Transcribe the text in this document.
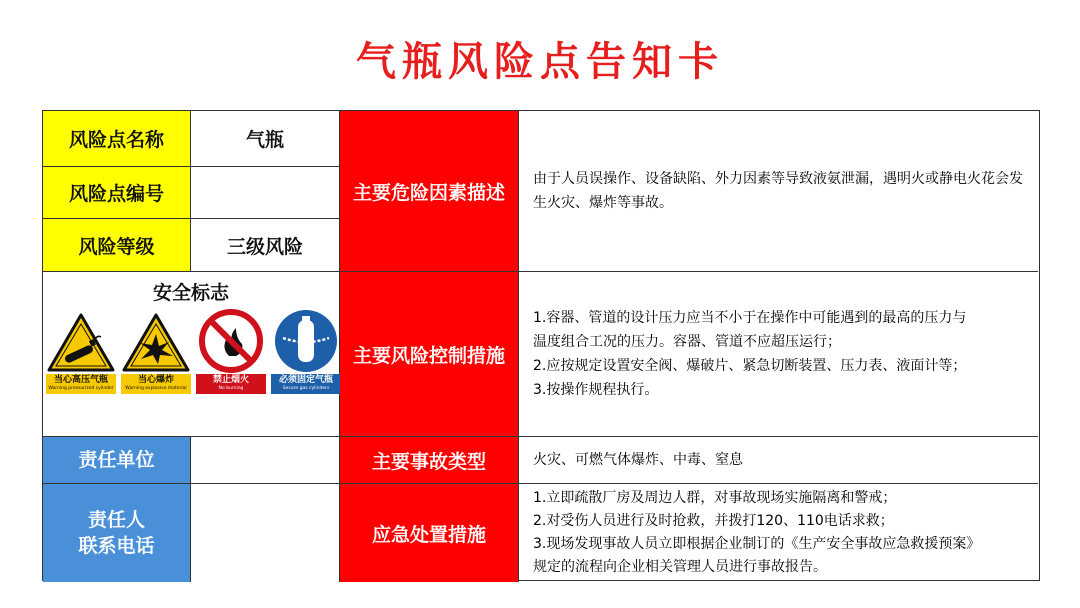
气瓶风险点告知卡
风险点名称	气瓶
风险点编号
风险等级	三级风险
安全标志
当心高压气瓶
Warning pressurized cylinder
当心爆炸
Warning explosive material
禁止烟火
No burning
必须固定气瓶
Secure gas cylinders
责任单位
责任人
联系电话
主要危险因素描述
主要风险控制措施
主要事故类型
应急处置措施
由于人员误操作、设备缺陷、外力因素等导致液氨泄漏，遇明火或静电火花会发生火灾、爆炸等事故。
1.容器、管道的设计压力应当不小于在操作中可能遇到的最高的压力与
温度组合工况的压力。容器、管道不应超压运行；
2.应按规定设置安全阀、爆破片、紧急切断装置、压力表、液面计等；
3.按操作规程执行。
火灾、可燃气体爆炸、中毒、窒息
1.立即疏散厂房及周边人群，对事故现场实施隔离和警戒；
2.对受伤人员进行及时抢救，并拨打120、110电话求救；
3.现场发现事故人员立即根据企业制订的《生产安全事故应急救援预案》
规定的流程向企业相关管理人员进行事故报告。
